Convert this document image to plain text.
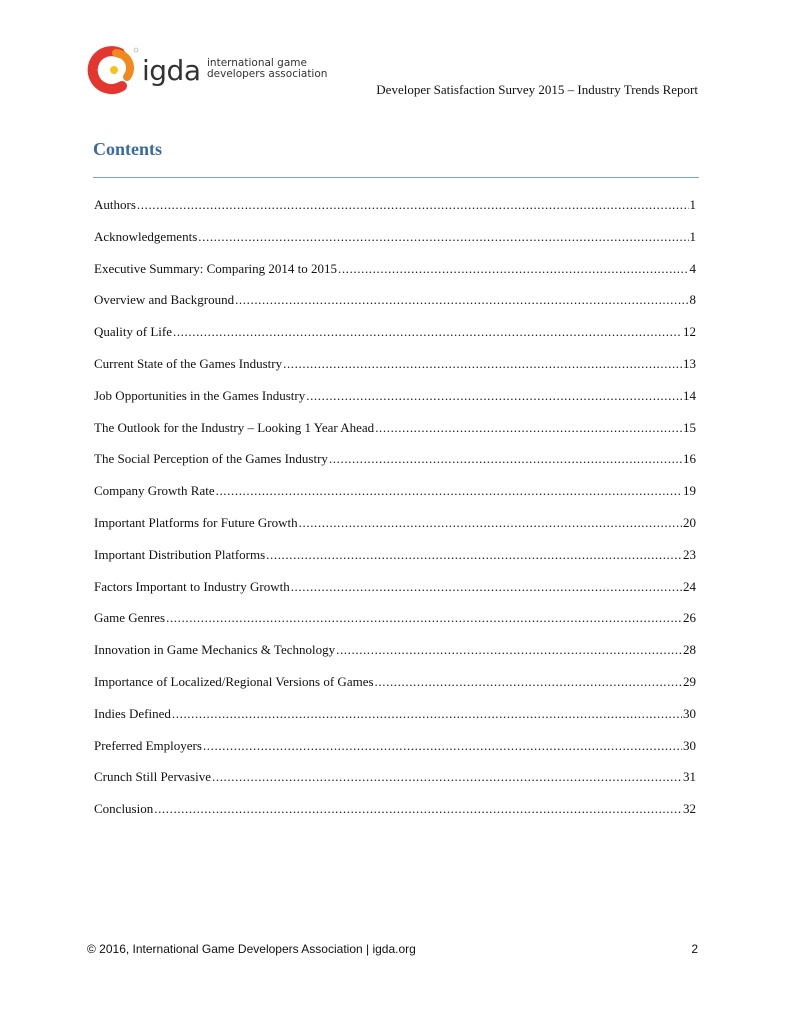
igda international game
developers association
Developer Satisfaction Survey 2015 – Industry Trends Report
Contents
Authors .....	1
Acknowledgements .....	1
Executive Summary: Comparing 2014 to 2015 .....	4
Overview and Background .....	8
Quality of Life .....	12
Current State of the Games Industry .....	13
Job Opportunities in the Games Industry .....	14
The Outlook for the Industry – Looking 1 Year Ahead .....	15
The Social Perception of the Games Industry .....	16
Company Growth Rate .....	19
Important Platforms for Future Growth .....	20
Important Distribution Platforms .....	23
Factors Important to Industry Growth .....	24
Game Genres .....	26
Innovation in Game Mechanics & Technology .....	28
Importance of Localized/Regional Versions of Games .....	29
Indies Defined .....	30
Preferred Employers .....	30
Crunch Still Pervasive .....	31
Conclusion .....	32
© 2016, International Game Developers Association | igda.org	2
